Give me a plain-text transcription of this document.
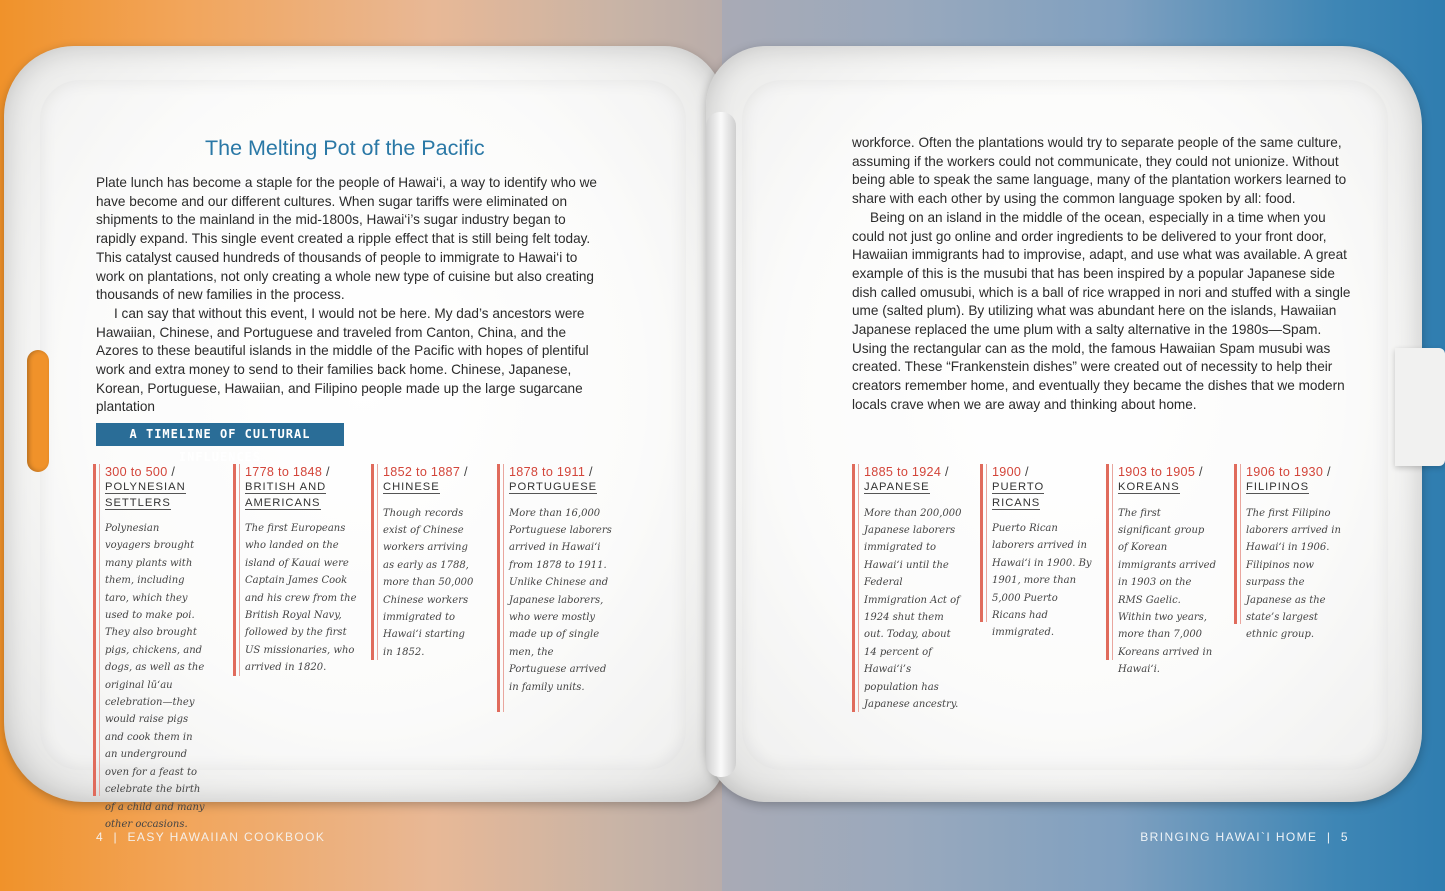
The Melting Pot of the Pacific

Plate lunch has become a staple for the people of Hawai‘i, a way to identify who we have become and our different cultures. When sugar tariffs were eliminated on shipments to the mainland in the mid-1800s, Hawai‘i’s sugar industry began to rapidly expand. This single event created a ripple effect that is still being felt today. This catalyst caused hundreds of thousands of people to immigrate to Hawai‘i to work on plantations, not only creating a whole new type of cuisine but also creating thousands of new families in the process.

I can say that without this event, I would not be here. My dad’s ancestors were Hawaiian, Chinese, and Portuguese and traveled from Canton, China, and the Azores to these beautiful islands in the middle of the Pacific with hopes of plentiful work and extra money to send to their families back home. Chinese, Japanese, Korean, Portuguese, Hawaiian, and Filipino people made up the large sugarcane plantation

workforce. Often the plantations would try to separate people of the same culture, assuming if the workers could not communicate, they could not unionize. Without being able to speak the same language, many of the plantation workers learned to share with each other by using the common language spoken by all: food.

Being on an island in the middle of the ocean, especially in a time when you could not just go online and order ingredients to be delivered to your front door, Hawaiian immigrants had to improvise, adapt, and use what was available. A great example of this is the musubi that has been inspired by a popular Japanese side dish called omusubi, which is a ball of rice wrapped in nori and stuffed with a single ume (salted plum). By utilizing what was abundant here on the islands, Hawaiian Japanese replaced the ume plum with a salty alternative in the 1980s—Spam. Using the rectangular can as the mold, the famous Hawaiian Spam musubi was created. These “Frankenstein dishes” were created out of necessity to help their creators remember home, and eventually they became the dishes that we modern locals crave when we are away and thinking about home.

A TIMELINE OF CULTURAL INFLUENCES
300 to 500 /
POLYNESIAN SETTLERS
Polynesian voyagers brought many plants with them, including taro, which they used to make poi. They also brought pigs, chickens, and dogs, as well as the original lū‘au celebration—they would raise pigs and cook them in an underground oven for a feast to celebrate the birth of a child and many other occasions.
1778 to 1848 /
BRITISH AND AMERICANS
The first Europeans who landed on the island of Kauai were Captain James Cook and his crew from the British Royal Navy, followed by the first US missionaries, who arrived in 1820.
1852 to 1887 /
CHINESE
Though records exist of Chinese workers arriving as early as 1788, more than 50,000 Chinese workers immigrated to Hawai‘i starting in 1852.
1878 to 1911 /
PORTUGUESE
More than 16,000 Portuguese laborers arrived in Hawai‘i from 1878 to 1911. Unlike Chinese and Japanese laborers, who were mostly made up of single men, the Portuguese arrived in family units.
1885 to 1924 /
JAPANESE
More than 200,000 Japanese laborers immigrated to Hawai‘i until the Federal Immigration Act of 1924 shut them out. Today, about 14 percent of Hawai‘i’s population has Japanese ancestry.
1900 /
PUERTO RICANS
Puerto Rican laborers arrived in Hawai‘i in 1900. By 1901, more than 5,000 Puerto Ricans had immigrated.
1903 to 1905 /
KOREANS
The first significant group of Korean immigrants arrived in 1903 on the RMS Gaelic. Within two years, more than 7,000 Koreans arrived in Hawai‘i.
1906 to 1930 /
FILIPINOS
The first Filipino laborers arrived in Hawai‘i in 1906. Filipinos now surpass the Japanese as the state’s largest ethnic group.
4  |  EASY HAWAIIAN COOKBOOK	BRINGING HAWAI`I HOME  |  5
